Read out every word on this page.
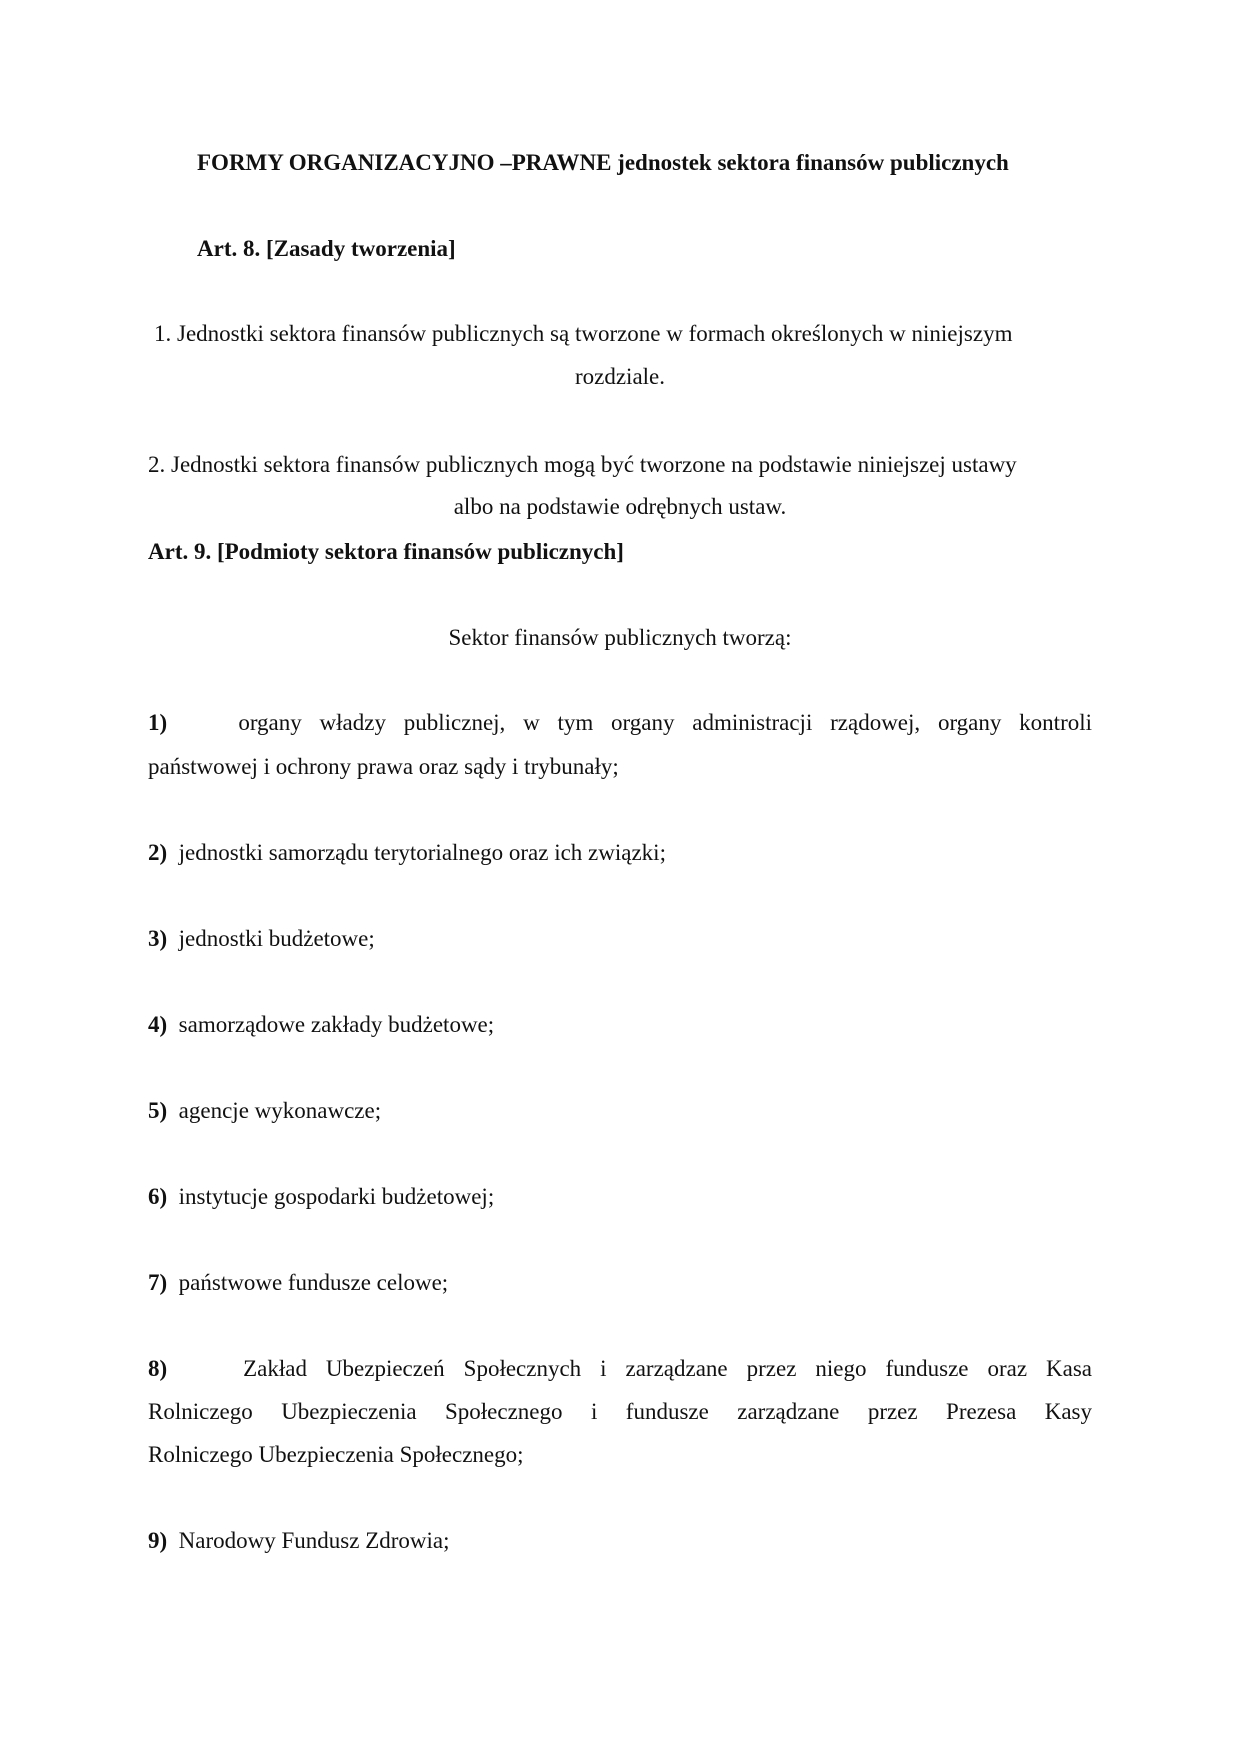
FORMY ORGANIZACYJNO –PRAWNE jednostek sektora finansów publicznych
Art. 8. [Zasady tworzenia]
1. Jednostki sektora finansów publicznych są tworzone w formach określonych w niniejszym
rozdziale.
2. Jednostki sektora finansów publicznych mogą być tworzone na podstawie niniejszej ustawy
albo na podstawie odrębnych ustaw.
Art. 9. [Podmioty sektora finansów publicznych]
Sektor finansów publicznych tworzą:
1)	organy władzy publicznej, w tym organy administracji rządowej, organy kontroli
państwowej i ochrony prawa oraz sądy i trybunały;
2) jednostki samorządu terytorialnego oraz ich związki;
3) jednostki budżetowe;
4) samorządowe zakłady budżetowe;
5) agencje wykonawcze;
6) instytucje gospodarki budżetowej;
7) państwowe fundusze celowe;
8)	Zakład Ubezpieczeń Społecznych i zarządzane przez niego fundusze oraz Kasa
Rolniczego Ubezpieczenia Społecznego i fundusze zarządzane przez Prezesa Kasy
Rolniczego Ubezpieczenia Społecznego;
9) Narodowy Fundusz Zdrowia;
